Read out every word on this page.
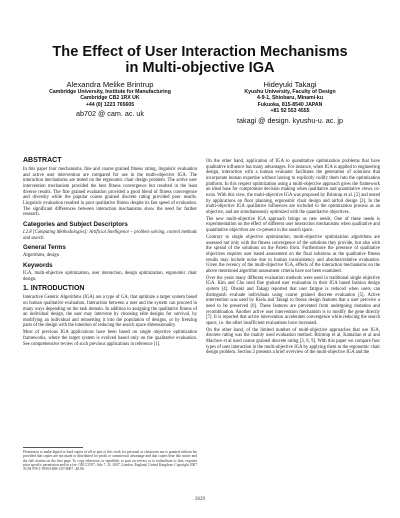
The Effect of User Interaction Mechanisms
in Multi-objective IGA
Alexandra Melike Brintrup
Cambridge University, Institute for Manufacturing
Cambridge CB2 1RX UK
+44 (0) 1223 765605
ab702 @ cam. ac. uk
Hideyuki Takagi
Kyushu University, Faculty of Design
4-9-1, Shiobaru, Minami-ku
Fukuoka, 815-8540 JAPAN
+81 92 553 4555
takagi @ design. kyushu-u. ac. jp
ABSTRACT
In this paper four mechanisms, fine and coarse grained fitness rating, linguistic evaluation and active user intervention are compared for use in the multi-objective IGA. The interaction mechanisms are tested on the ergonomic chair design problem. The active user intervention mechanism provided the best fitness convergence but resulted in the least diverse results. The fine grained evaluation provided a good blend of fitness convergence and diversity while the popular coarse grained discrete rating provided poor results. Linguistic evaluation resulted in poor qualitative fitness despite its fast speed of evaluation. The significant differences between interaction mechanisms show the need for further research.
Categories and Subject Descriptors
I.2.8 [Computing Methodologies]: Artificial Intelligence – problem solving, control methods and search.
General Terms
Algorithms, design
Keywords
IGA, multi-objective optimization, user interaction, design optimization, ergonomic chair design.
1. INTRODUCTION
Interactive Genetic Algorithms (IGA) are a type of GA, that optimize a target system based on human qualitative evaluation. Interaction between a user and the system can proceed in many ways depending on the task domain. In addition to assigning the qualitative fitness of an individual design, the user may intervene by choosing elite designs for survival, by modifying an individual and reinserting it into the population of designs, or by freezing parts of the design with the intention of reducing the search space dimensionality.
Most of previous IGA applications have been based on single objective optimization frameworks, where the target system is evolved based only on the qualitative evaluation. See comprehensive review of such previous applications in reference [1].
On the other hand, application of IGA to quantitative optimization problems that have qualitative influence has many advantages. For instance, when IGA is applied to engineering design, interaction with a human evaluator facilitates the generation of solutions that incorporate human expertise without having to explicitly codify them into the optimization platform. In this respect optimization using a multi-objective approach gives the framework an ideal base for compromise decision making when qualitative and quantitative views co-exist. With this view, the multi-objective IGA was proposed by Brintrup et al. [2] and tested by applications on floor planning, ergonomic chair design and airfoil design [3]. In the multi-objective IGA qualitative influences are included in the optimization process as an objective, and are simultaneously optimized with the quantitative objectives.
The new multi-objective IGA approach brings us new needs. One of these needs is experimentation on the effect of different user interaction mechanisms when qualitative and quantitative objectives are co-present in the search space.
Contrary to single objective optimization, multi-objective optimization algorithms are assessed not only with the fitness convergence of the solutions they provide, but also with the spread of the solutions on the Pareto front. Furthermore the presence of qualitative objectives requires user based assessment on the final solutions as the qualitative fitness results may include noise due to human inconsistency and absolute/relative evaluation. Given the recency of the multi-objective IGA, effects of the interaction mechanisms on the above mentioned algorithm assessment criteria have not been examined.
Over the years many different evaluation methods were used in traditional single objective IGA. Kim and Cho used fine grained user evaluation in their IGA based fashion design system [4]. Ohsaki and Takagi reported that user fatigue is reduced when users can distinguish evaluate individuals using coarse grained discrete evaluation [5]. Active intervention was used by Kiela and Takagi to freeze design features that a user perceive a need to be preserved [6]. These features are prevented from undergoing mutation and recombination. Another active user intervention mechanism is to modify the gene directly [7]. It is reported that active intervention accelerates convergence while reducing the search space, i.e. the other insufficient evaluations have increased.
On the other hand, of the limited number of multi-objective approaches that use IGA, discrete rating was the mainly used evaluation method. Brintrup et al, Kamalian et al and Machwe et al used coarse grained discrete rating [3, 8, 9]. With this paper we compare four types of user interaction in the multi-objective IGA by applying them to the ergonomic chair design problem. Section 2 presents a brief overview of the multi-objective IGA and the
Permission to make digital or hard copies of all or part of this work for personal or classroom use is granted without fee provided that copies are not made or distributed for profit or commercial advantage and that copies bear this notice and the full citation on the first page. To copy otherwise, or republish, to post on servers or to redistribute to lists, requires prior specific permission and/or a fee. GECCO'07, July 7–11, 2007, London, England, United Kingdom. Copyright 2007 ACM 978-1-59593-698-1/07/0007...$5.00.
2629
